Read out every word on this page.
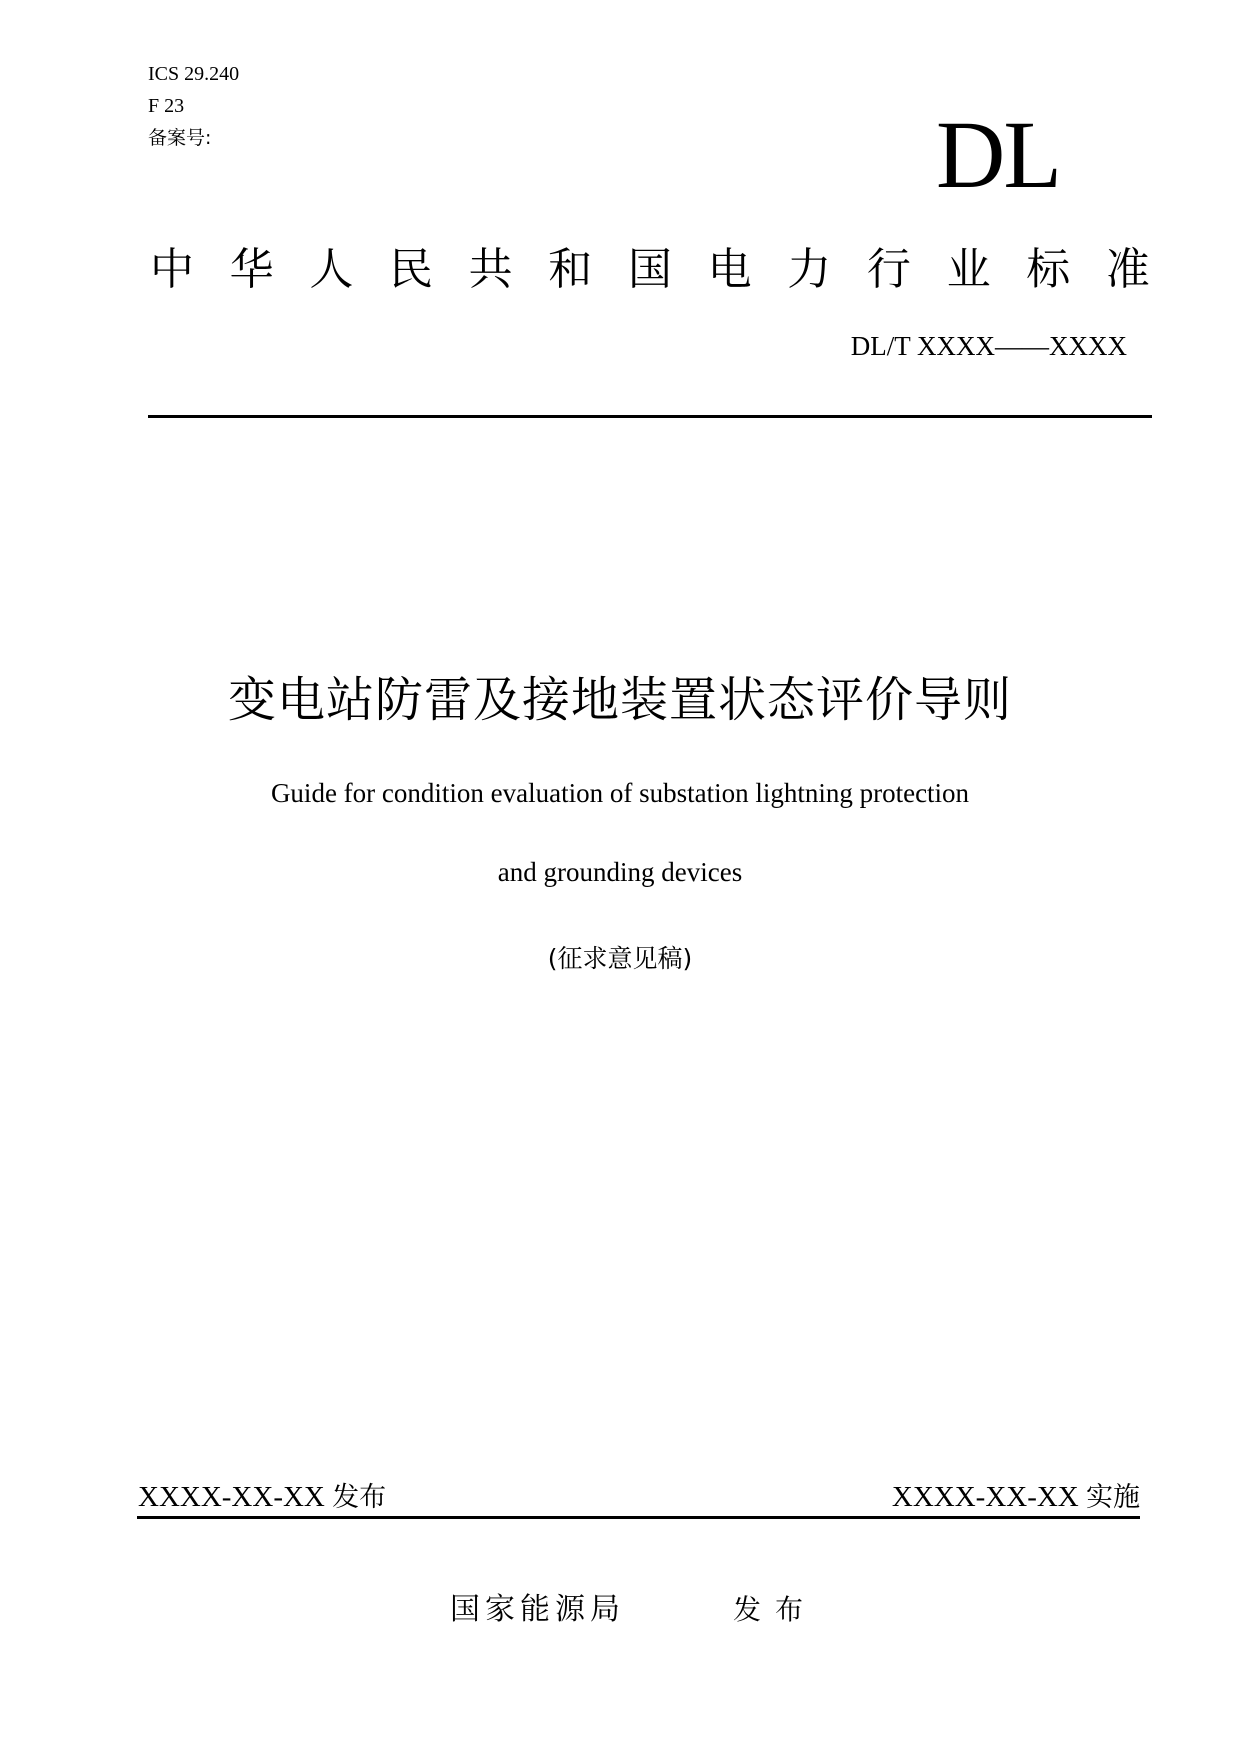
ICS 29.240
F 23
备案号:	DL
中 华 人 民 共 和 国 电 力 行 业 标 准
DL/T XXXX——XXXX
变电站防雷及接地装置状态评价导则
Guide for condition evaluation of substation lightning protection
and grounding devices
(征求意见稿)
XXXX-XX-XX 发布	XXXX-XX-XX 实施
国家能源局	发布
